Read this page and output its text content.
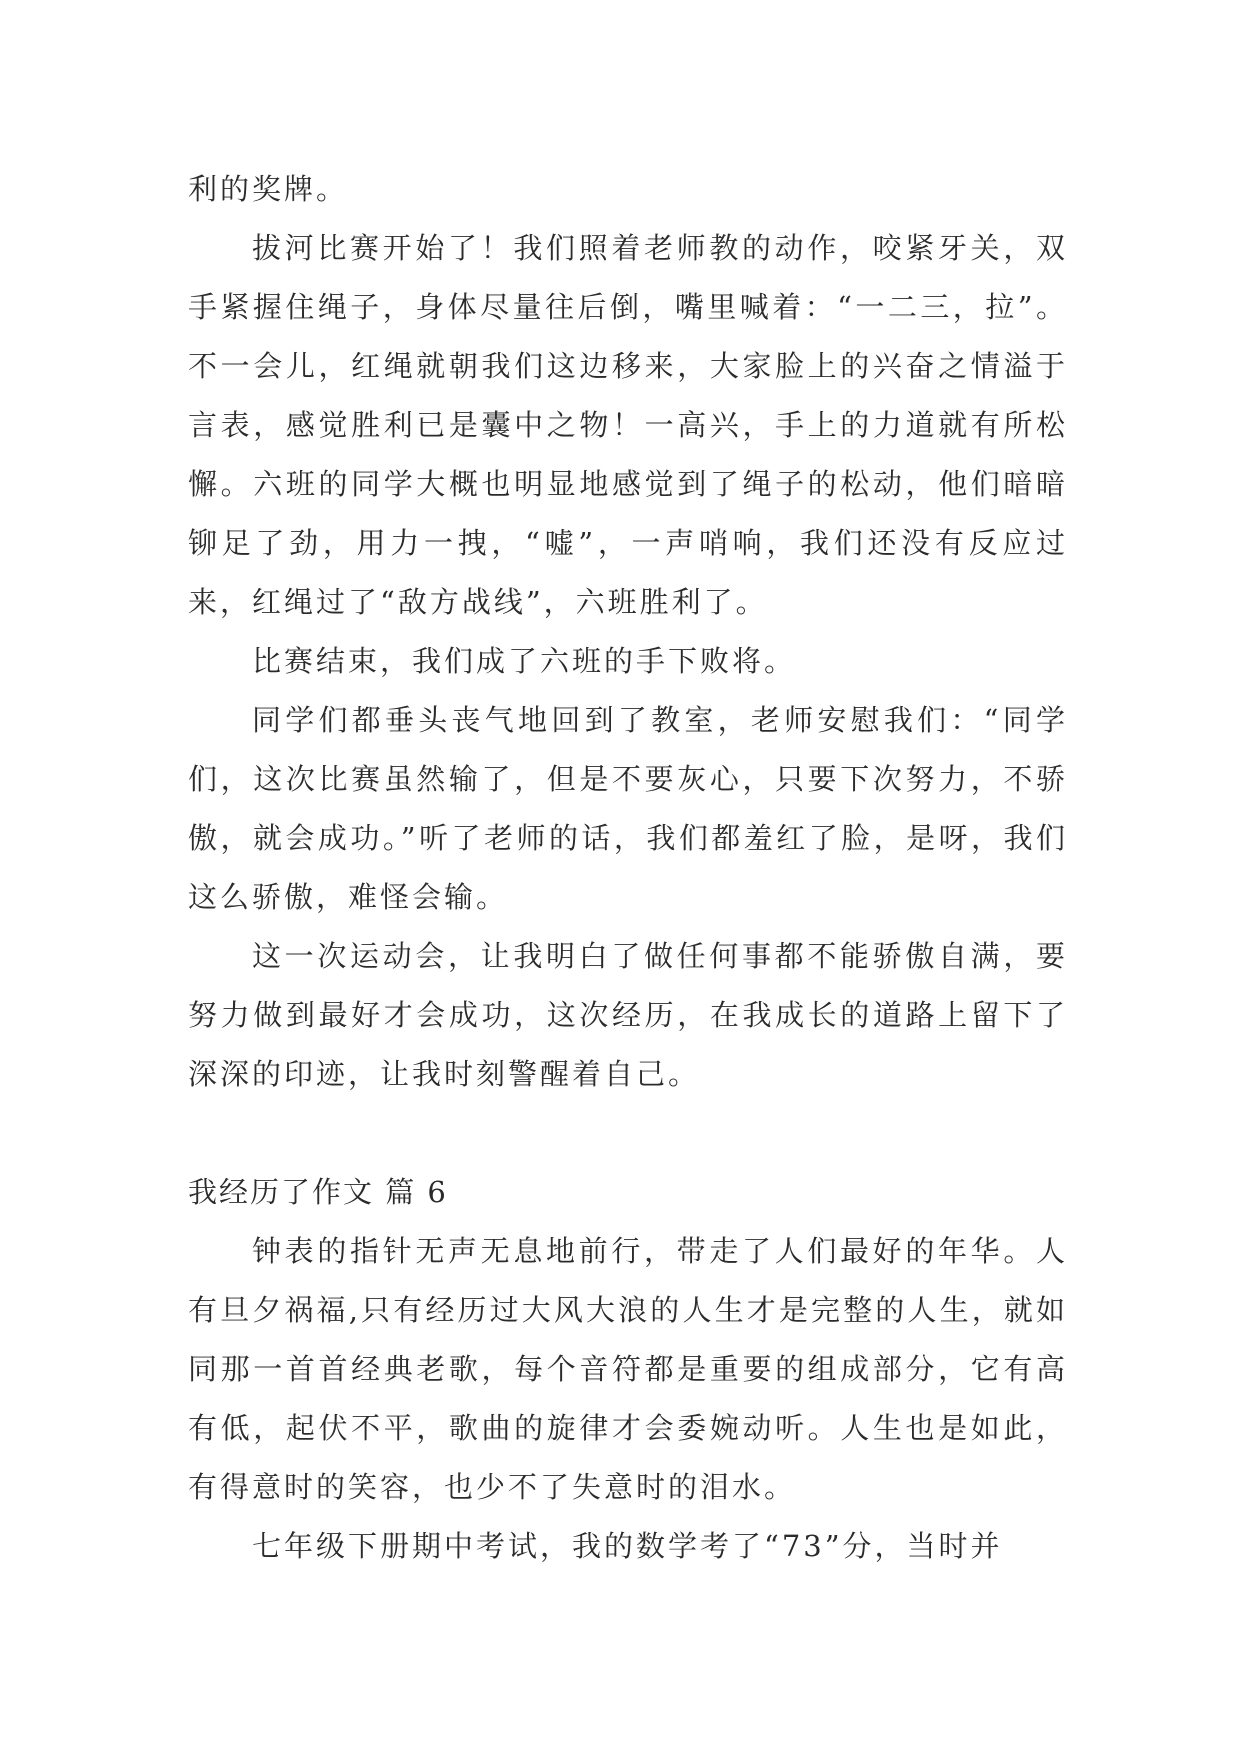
利的奖牌。

拔河比赛开始了！我们照着老师教的动作，咬紧牙关，双手紧握住绳子，身体尽量往后倒，嘴里喊着：“一二三，拉”。不一会儿，红绳就朝我们这边移来，大家脸上的兴奋之情溢于言表，感觉胜利已是囊中之物！一高兴，手上的力道就有所松懈。六班的同学大概也明显地感觉到了绳子的松动，他们暗暗铆足了劲，用力一拽，“嘘”，一声哨响，我们还没有反应过来，红绳过了“敌方战线”，六班胜利了。

比赛结束，我们成了六班的手下败将。

同学们都垂头丧气地回到了教室，老师安慰我们：“同学们，这次比赛虽然输了，但是不要灰心，只要下次努力，不骄傲，就会成功。”听了老师的话，我们都羞红了脸，是呀，我们这么骄傲，难怪会输。

这一次运动会，让我明白了做任何事都不能骄傲自满，要努力做到最好才会成功，这次经历，在我成长的道路上留下了深深的印迹，让我时刻警醒着自己。

我经历了作文 篇 6

钟表的指针无声无息地前行，带走了人们最好的年华。人有旦夕祸福,只有经历过大风大浪的人生才是完整的人生，就如同那一首首经典老歌，每个音符都是重要的组成部分，它有高有低，起伏不平，歌曲的旋律才会委婉动听。人生也是如此，有得意时的笑容，也少不了失意时的泪水。

七年级下册期中考试，我的数学考了“73”分，当时并
